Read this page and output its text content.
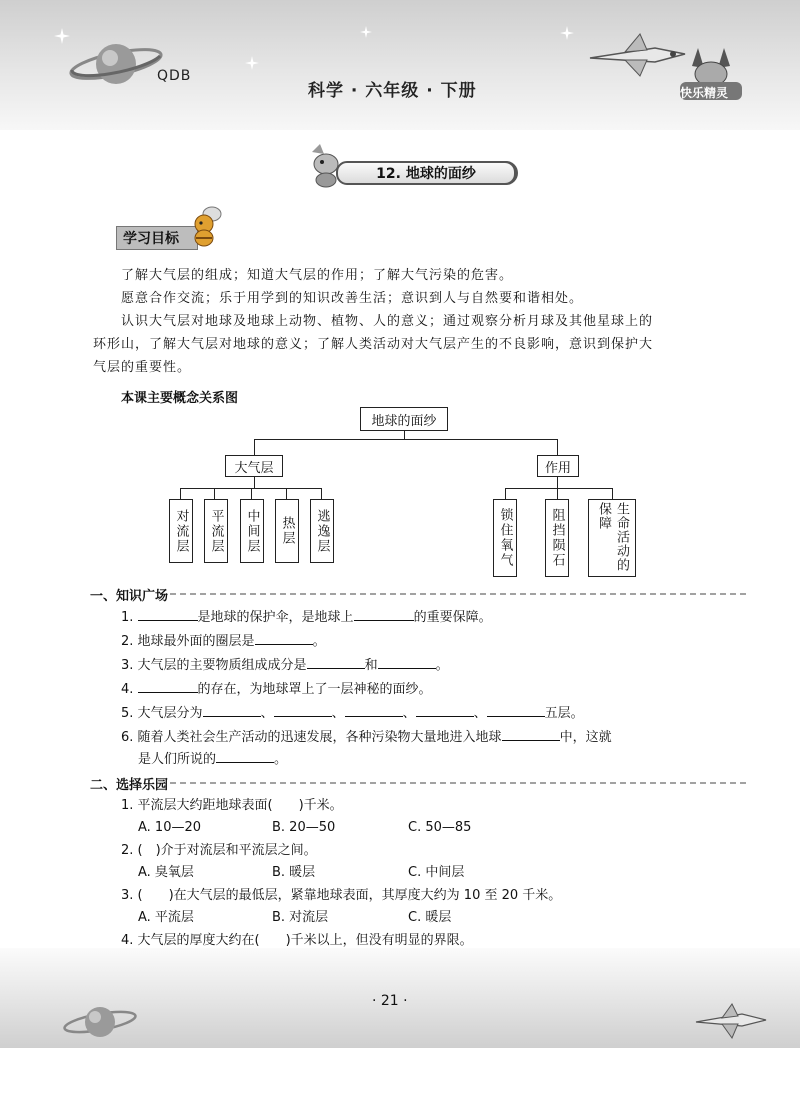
QDB
科学 · 六年级 · 下册	快乐精灵
12. 地球的面纱
学习目标
了解大气层的组成；知道大气层的作用；了解大气污染的危害。
愿意合作交流；乐于用学到的知识改善生活；意识到人与自然要和谐相处。
认识大气层对地球及地球上动物、植物、人的意义；通过观察分析月球及其他星球上的
环形山，了解大气层对地球的意义；了解人类活动对大气层产生的不良影响，意识到保护大
气层的重要性。
本课主要概念关系图
地球的面纱
大气层	作用
对流层	平流层	中间层	热层	逃逸层	锁住氧气	阻挡陨石	生命活动的保障
一、知识广场
1.	是地球的保护伞，是地球上	的重要保障。
2. 地球最外面的圈层是	。
3. 大气层的主要物质组成成分是	和	。
4.	的存在，为地球罩上了一层神秘的面纱。
5. 大气层分为	、	、	、	、	五层。
6. 随着人类社会生产活动的迅速发展，各种污染物大量地进入地球	中，这就
是人们所说的	。
二、选择乐园
1. 平流层大约距地球表面(　　)千米。
A. 10—20	B. 20—50	C. 50—85
2. (　)介于对流层和平流层之间。
A. 臭氧层	B. 暖层	C. 中间层
3. (　　)在大气层的最低层，紧靠地球表面，其厚度大约为 10 至 20 千米。
A. 平流层	B. 对流层	C. 暖层
4. 大气层的厚度大约在(　　)千米以上，但没有明显的界限。
· 21 ·
